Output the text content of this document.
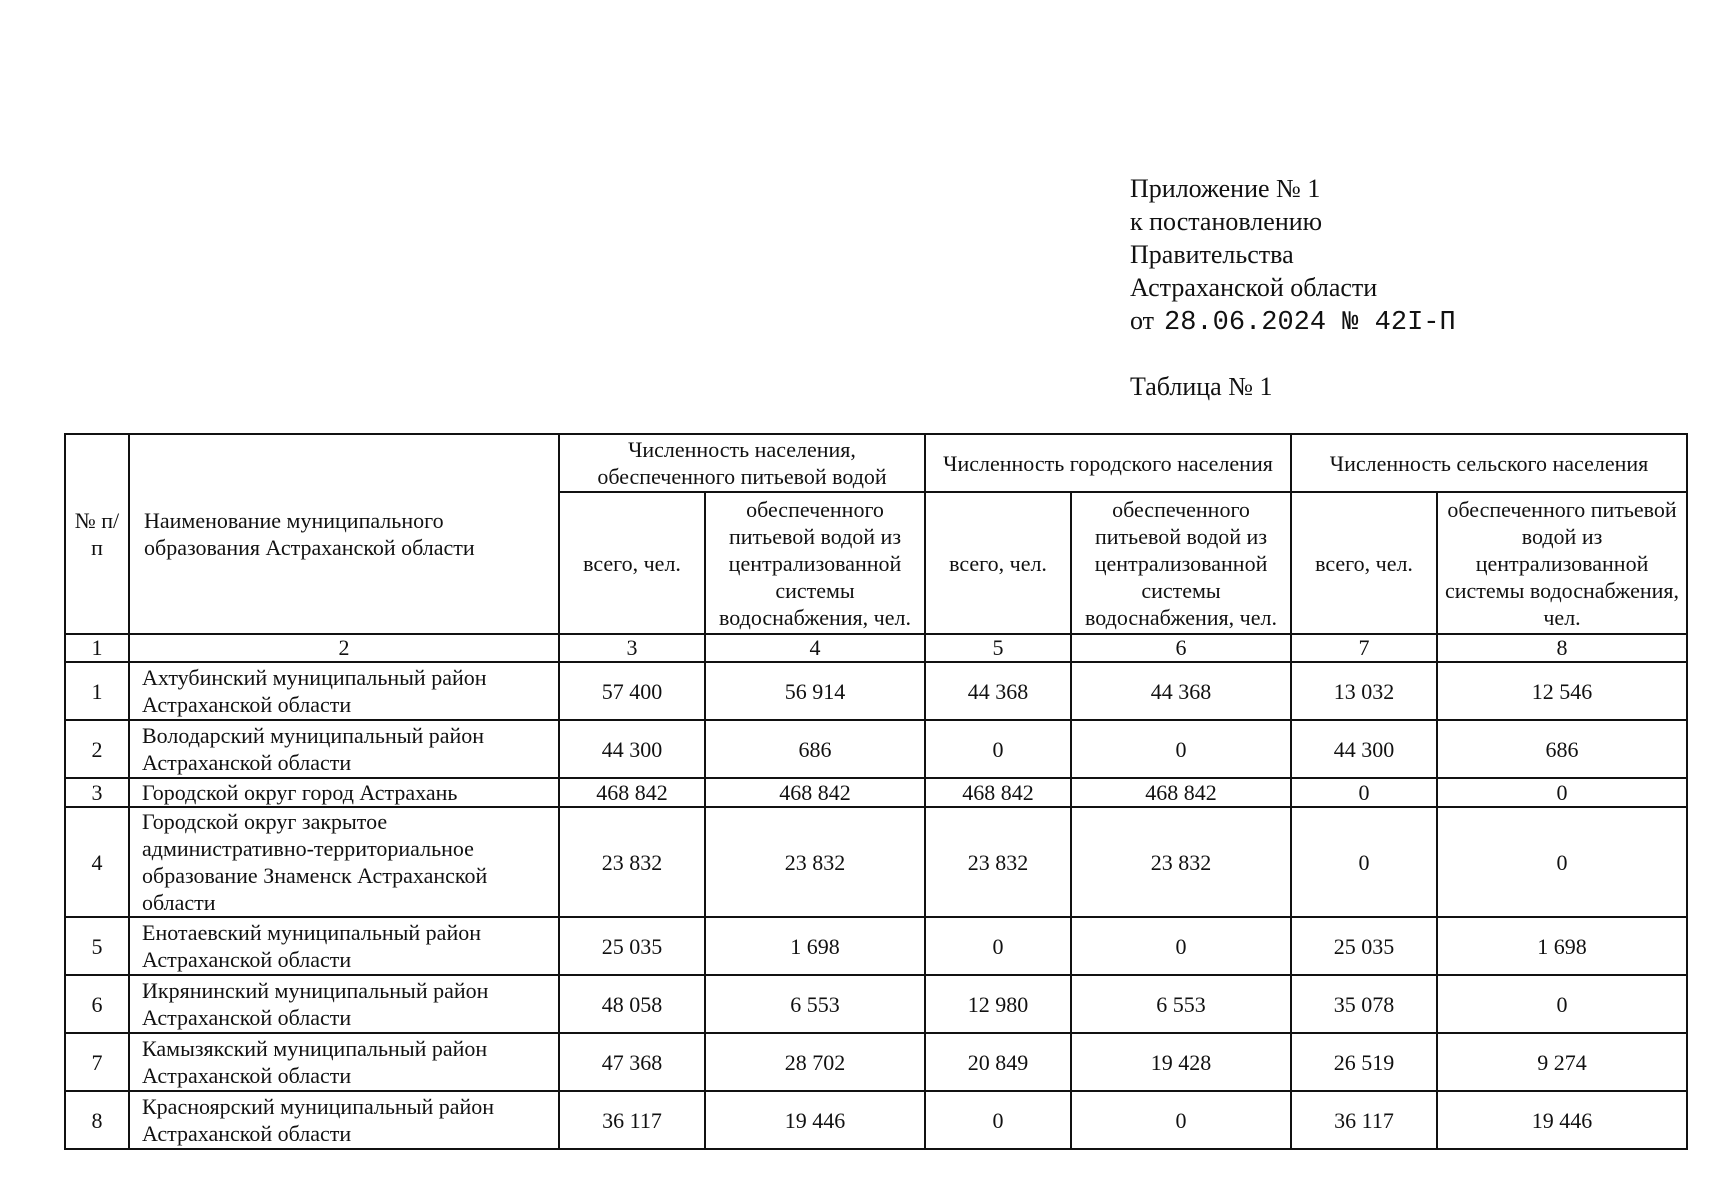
Приложение № 1
к постановлению
Правительства
Астраханской области
от 28.06.2024 № 42I-П
Таблица № 1
№ п/п	Наименование муниципального образования Астраханской области	Численность населения, обеспеченного питьевой водой		Численность городского населения		Численность сельского населения	
		всего, чел.	обеспеченного питьевой водой из централизованной системы водоснабжения, чел.	всего, чел.	обеспеченного питьевой водой из централизованной системы водоснабжения, чел.	всего, чел.	обеспеченного питьевой водой из централизованной системы водоснабжения, чел.
1	2	3	4	5	6	7	8
1	Ахтубинский муниципальный район Астраханской области	57 400	56 914	44 368	44 368	13 032	12 546
2	Володарский муниципальный район Астраханской области	44 300	686	0	0	44 300	686
3	Городской округ город Астрахань	468 842	468 842	468 842	468 842	0	0
4	Городской округ закрытое административно-территориальное образование Знаменск Астраханской области	23 832	23 832	23 832	23 832	0	0
5	Енотаевский муниципальный район Астраханской области	25 035	1 698	0	0	25 035	1 698
6	Икрянинский муниципальный район Астраханской области	48 058	6 553	12 980	6 553	35 078	0
7	Камызякский муниципальный район Астраханской области	47 368	28 702	20 849	19 428	26 519	9 274
8	Красноярский муниципальный район Астраханской области	36 117	19 446	0	0	36 117	19 446
